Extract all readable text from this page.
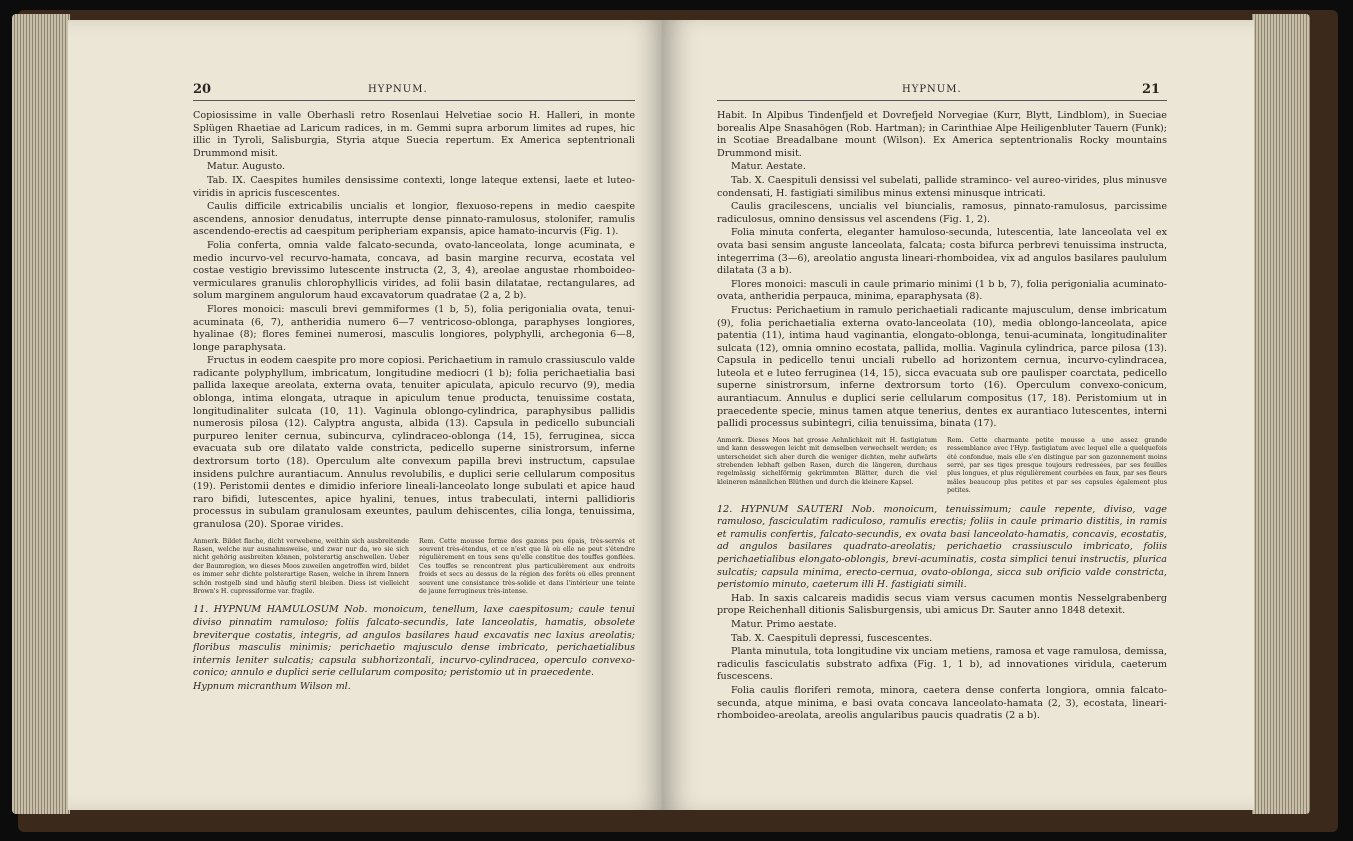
20	HYPNUM.

Copiosissime in valle Oberhasli retro Rosenlaui Helvetiae socio H. Halleri, in monte Splügen Rhaetiae ad Laricum radices, in m. Gemmi supra arborum limites ad rupes, hic illic in Tyroli, Salisburgia, Styria atque Suecia repertum. Ex America septentrionali Drummond misit.

Matur. Augusto.

Tab. IX. Caespites humiles densissime contexti, longe lateque extensi, laete et luteo-viridis in apricis fuscescentes.

Caulis difficile extricabilis uncialis et longior, flexuoso-repens in medio caespite ascendens, annosior denudatus, interrupte dense pinnato-ramulosus, stolonifer, ramulis ascendendo-erectis ad caespitum peripheriam expansis, apice hamato-incurvis (Fig. 1).

Folia conferta, omnia valde falcato-secunda, ovato-lanceolata, longe acuminata, e medio incurvo-vel recurvo-hamata, concava, ad basin margine recurva, ecostata vel costae vestigio brevissimo lutescente instructa (2, 3, 4), areolae angustae rhomboideo-vermiculares granulis chlorophyllicis virides, ad folii basin dilatatae, rectangulares, ad solum marginem angulorum haud excavatorum quadratae (2 a, 2 b).

Flores monoici: masculi brevi gemmiformes (1 b, 5), folia perigonialia ovata, tenui-acuminata (6, 7), antheridia numero 6—7 ventricoso-oblonga, paraphyses longiores, hyalinae (8); flores feminei numerosi, masculis longiores, polyphylli, archegonia 6—8, longe paraphysata.

Fructus in eodem caespite pro more copiosi. Perichaetium in ramulo crassiusculo valde radicante polyphyllum, imbricatum, longitudine mediocri (1 b); folia perichaetialia basi pallida laxeque areolata, externa ovata, tenuiter apiculata, apiculo recurvo (9), media oblonga, intima elongata, utraque in apiculum tenue producta, tenuissime costata, longitudinaliter sulcata (10, 11). Vaginula oblongo-cylindrica, paraphysibus pallidis numerosis pilosa (12). Calyptra angusta, albida (13). Capsula in pedicello subunciali purpureo leniter cernua, subincurva, cylindraceo-oblonga (14, 15), ferruginea, sicca evacuata sub ore dilatato valde constricta, pedicello superne sinistrorsum, inferne dextrorsum torto (18). Operculum alte convexum papilla brevi instructum, capsulae insidens pulchre aurantiacum. Annulus revolubilis, e duplici serie cellularum compositus (19). Peristomii dentes e dimidio inferiore lineali-lanceolato longe subulati et apice haud raro bifidi, lutescentes, apice hyalini, tenues, intus trabeculati, interni pallidioris processus in subulam granulosam exeuntes, paulum dehiscentes, cilia longa, tenuissima, granulosa (20). Sporae virides.

Anmerk. Bildet flache, dicht verwebene, weithin sich ausbreitende Rasen, welche nur ausnahmsweise, und zwar nur da, wo sie sich nicht gehörig ausbreiten können, polsterartig anschwellen. Ueber der Baumregion, wo dieses Moos zuweilen angetroffen wird, bildet es immer sehr dichte polsterartige Rasen, welche in ihrem Innern schön rostgelb sind und häufig steril bleiben. Diess ist vielleicht Brown's H. cupressiforme var. fragile.
Rem. Cette mousse forme des gazons peu épais, très-serrés et souvent très-étendus, et ce n'est que là où elle ne peut s'étendre régulièrement en tous sens qu'elle constitue des touffes gonflées. Ces touffes se rencontrent plus particulièrement aux endroits froids et secs au dessus de la région des forêts où elles prennent souvent une consistance très-solide et dans l'intérieur une teinte de jaune ferrugineux très-intense.

11. HYPNUM HAMULOSUM Nob. monoicum, tenellum, laxe caespitosum; caule tenui diviso pinnatim ramuloso; foliis falcato-secundis, late lanceolatis, hamatis, obsolete breviterque costatis, integris, ad angulos basilares haud excavatis nec laxius areolatis; floribus masculis minimis; perichaetio majusculo dense imbricato, perichaetialibus internis leniter sulcatis; capsula subhorizontali, incurvo-cylindracea, operculo convexo-conico; annulo e duplici serie cellularum composito; peristomio ut in praecedente.

Hypnum micranthum Wilson ml.

HYPNUM.	21

Habit. In Alpibus Tindenfjeld et Dovrefjeld Norvegiae (Kurr, Blytt, Lindblom), in Sueciae borealis Alpe Snasahögen (Rob. Hartman); in Carinthiae Alpe Heiligenbluter Tauern (Funk); in Scotiae Breadalbane mount (Wilson). Ex America septentrionalis Rocky mountains Drummond misit.

Matur. Aestate.

Tab. X. Caespituli densissi vel subelati, pallide straminco- vel aureo-virides, plus minusve condensati, H. fastigiati similibus minus extensi minusque intricati.

Caulis gracilescens, uncialis vel biuncialis, ramosus, pinnato-ramulosus, parcissime radiculosus, omnino densissus vel ascendens (Fig. 1, 2).

Folia minuta conferta, eleganter hamuloso-secunda, lutescentia, late lanceolata vel ex ovata basi sensim anguste lanceolata, falcata; costa bifurca perbrevi tenuissima instructa, integerrima (3—6), areolatio angusta lineari-rhomboidea, vix ad angulos basilares paululum dilatata (3 a b).

Flores monoici: masculi in caule primario minimi (1 b b, 7), folia perigonialia acuminato-ovata, antheridia perpauca, minima, eparaphysata (8).

Fructus: Perichaetium in ramulo perichaetiali radicante majusculum, dense imbricatum (9), folia perichaetialia externa ovato-lanceolata (10), media oblongo-lanceolata, apice patentia (11), intima haud vaginantia, elongato-oblonga, tenui-acuminata, longitudinaliter sulcata (12), omnia omnino ecostata, pallida, mollia. Vaginula cylindrica, parce pilosa (13). Capsula in pedicello tenui unciali rubello ad horizontem cernua, incurvo-cylindracea, luteola et e luteo ferruginea (14, 15), sicca evacuata sub ore paulisper coarctata, pedicello superne sinistrorsum, inferne dextrorsum torto (16). Operculum convexo-conicum, aurantiacum. Annulus e duplici serie cellularum compositus (17, 18). Peristomium ut in praecedente specie, minus tamen atque tenerius, dentes ex aurantiaco lutescentes, interni pallidi processus subintegri, cilia tenuissima, binata (17).

Anmerk. Dieses Moos hat grosse Aehnlichkeit mit H. fastigiatum und kann desswegen leicht mit demselben verwechselt werden; es unterscheidet sich aber durch die weniger dichten, mehr aufwärts strebenden lebhaft gelben Rasen, durch die längeren, durchaus regelmässig sichelförmig gekrümmten Blätter, durch die viel kleineren männlichen Blüthen und durch die kleinere Kapsel.
Rem. Cette charmante petite mousse a une assez grande ressemblance avec l'Hyp. fastigiatum avec lequel elle a quelquefois été confondue, mais elle s'en distingue par son gazonnement moins serré, par ses tiges presque toujours redressées, par ses feuilles plus longues, et plus régulièrement courbées en faux, par ses fleurs mâles beaucoup plus petites et par ses capsules également plus petites.

12. HYPNUM SAUTERI Nob. monoicum, tenuissimum; caule repente, diviso, vage ramuloso, fasciculatim radiculoso, ramulis erectis; foliis in caule primario distitis, in ramis et ramulis confertis, falcato-secundis, ex ovata basi lanceolato-hamatis, concavis, ecostatis, ad angulos basilares quadrato-areolatis; perichaetio crassiusculo imbricato, foliis perichaetialibus elongato-oblongis, brevi-acuminatis, costa simplici tenui instructis, plurica sulcatis; capsula minima, erecto-cernua, ovato-oblonga, sicca sub orificio valde constricta, peristomio minuto, caeterum illi H. fastigiati simili.

Hab. In saxis calcareis madidis secus viam versus cacumen montis Nesselgrabenberg prope Reichenhall ditionis Salisburgensis, ubi amicus Dr. Sauter anno 1848 detexit.

Matur. Primo aestate.

Tab. X. Caespituli depressi, fuscescentes.

Planta minutula, tota longitudine vix unciam metiens, ramosa et vage ramulosa, demissa, radiculis fasciculatis substrato adfixa (Fig. 1, 1 b), ad innovationes viridula, caeterum fuscescens.

Folia caulis floriferi remota, minora, caetera dense conferta longiora, omnia falcato-secunda, atque minima, e basi ovata concava lanceolato-hamata (2, 3), ecostata, lineari-rhomboideo-areolata, areolis angularibus paucis quadratis (2 a b).
